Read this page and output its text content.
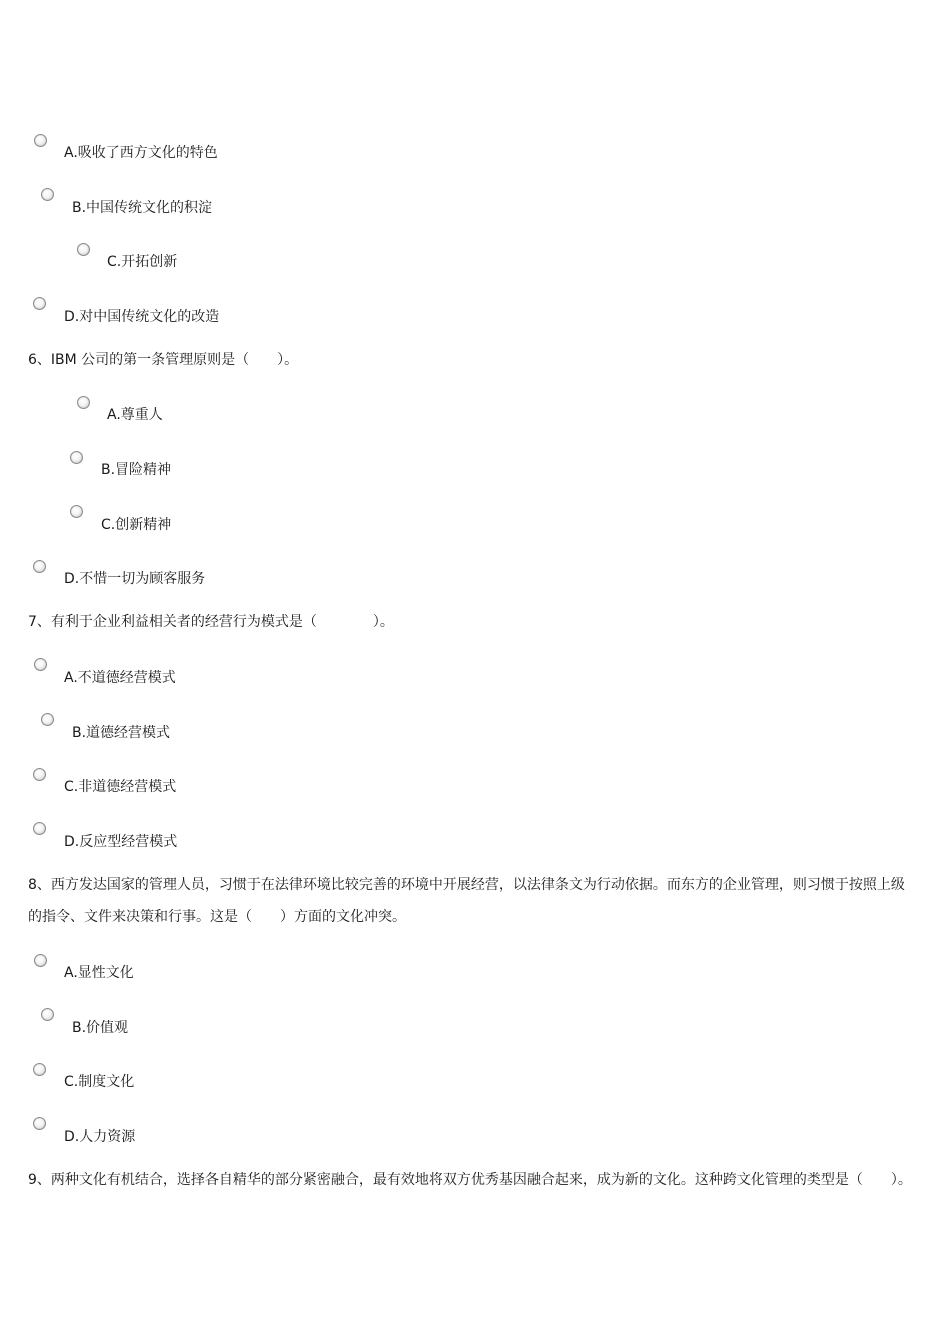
A.吸收了西方文化的特色
B.中国传统文化的积淀
C.开拓创新
D.对中国传统文化的改造
6、IBM 公司的第一条管理原则是（　　）。
A.尊重人
B.冒险精神
C.创新精神
D.不惜一切为顾客服务
7、有利于企业利益相关者的经营行为模式是（　　　　）。
A.不道德经营模式
B.道德经营模式
C.非道德经营模式
D.反应型经营模式
8、西方发达国家的管理人员，习惯于在法律环境比较完善的环境中开展经营，以法律条文为行动依据。而东方的企业管理，则习惯于按照上级
的指令、文件来决策和行事。这是（　　）方面的文化冲突。
A.显性文化
B.价值观
C.制度文化
D.人力资源
9、两种文化有机结合，选择各自精华的部分紧密融合，最有效地将双方优秀基因融合起来，成为新的文化。这种跨文化管理的类型是（　　）。
